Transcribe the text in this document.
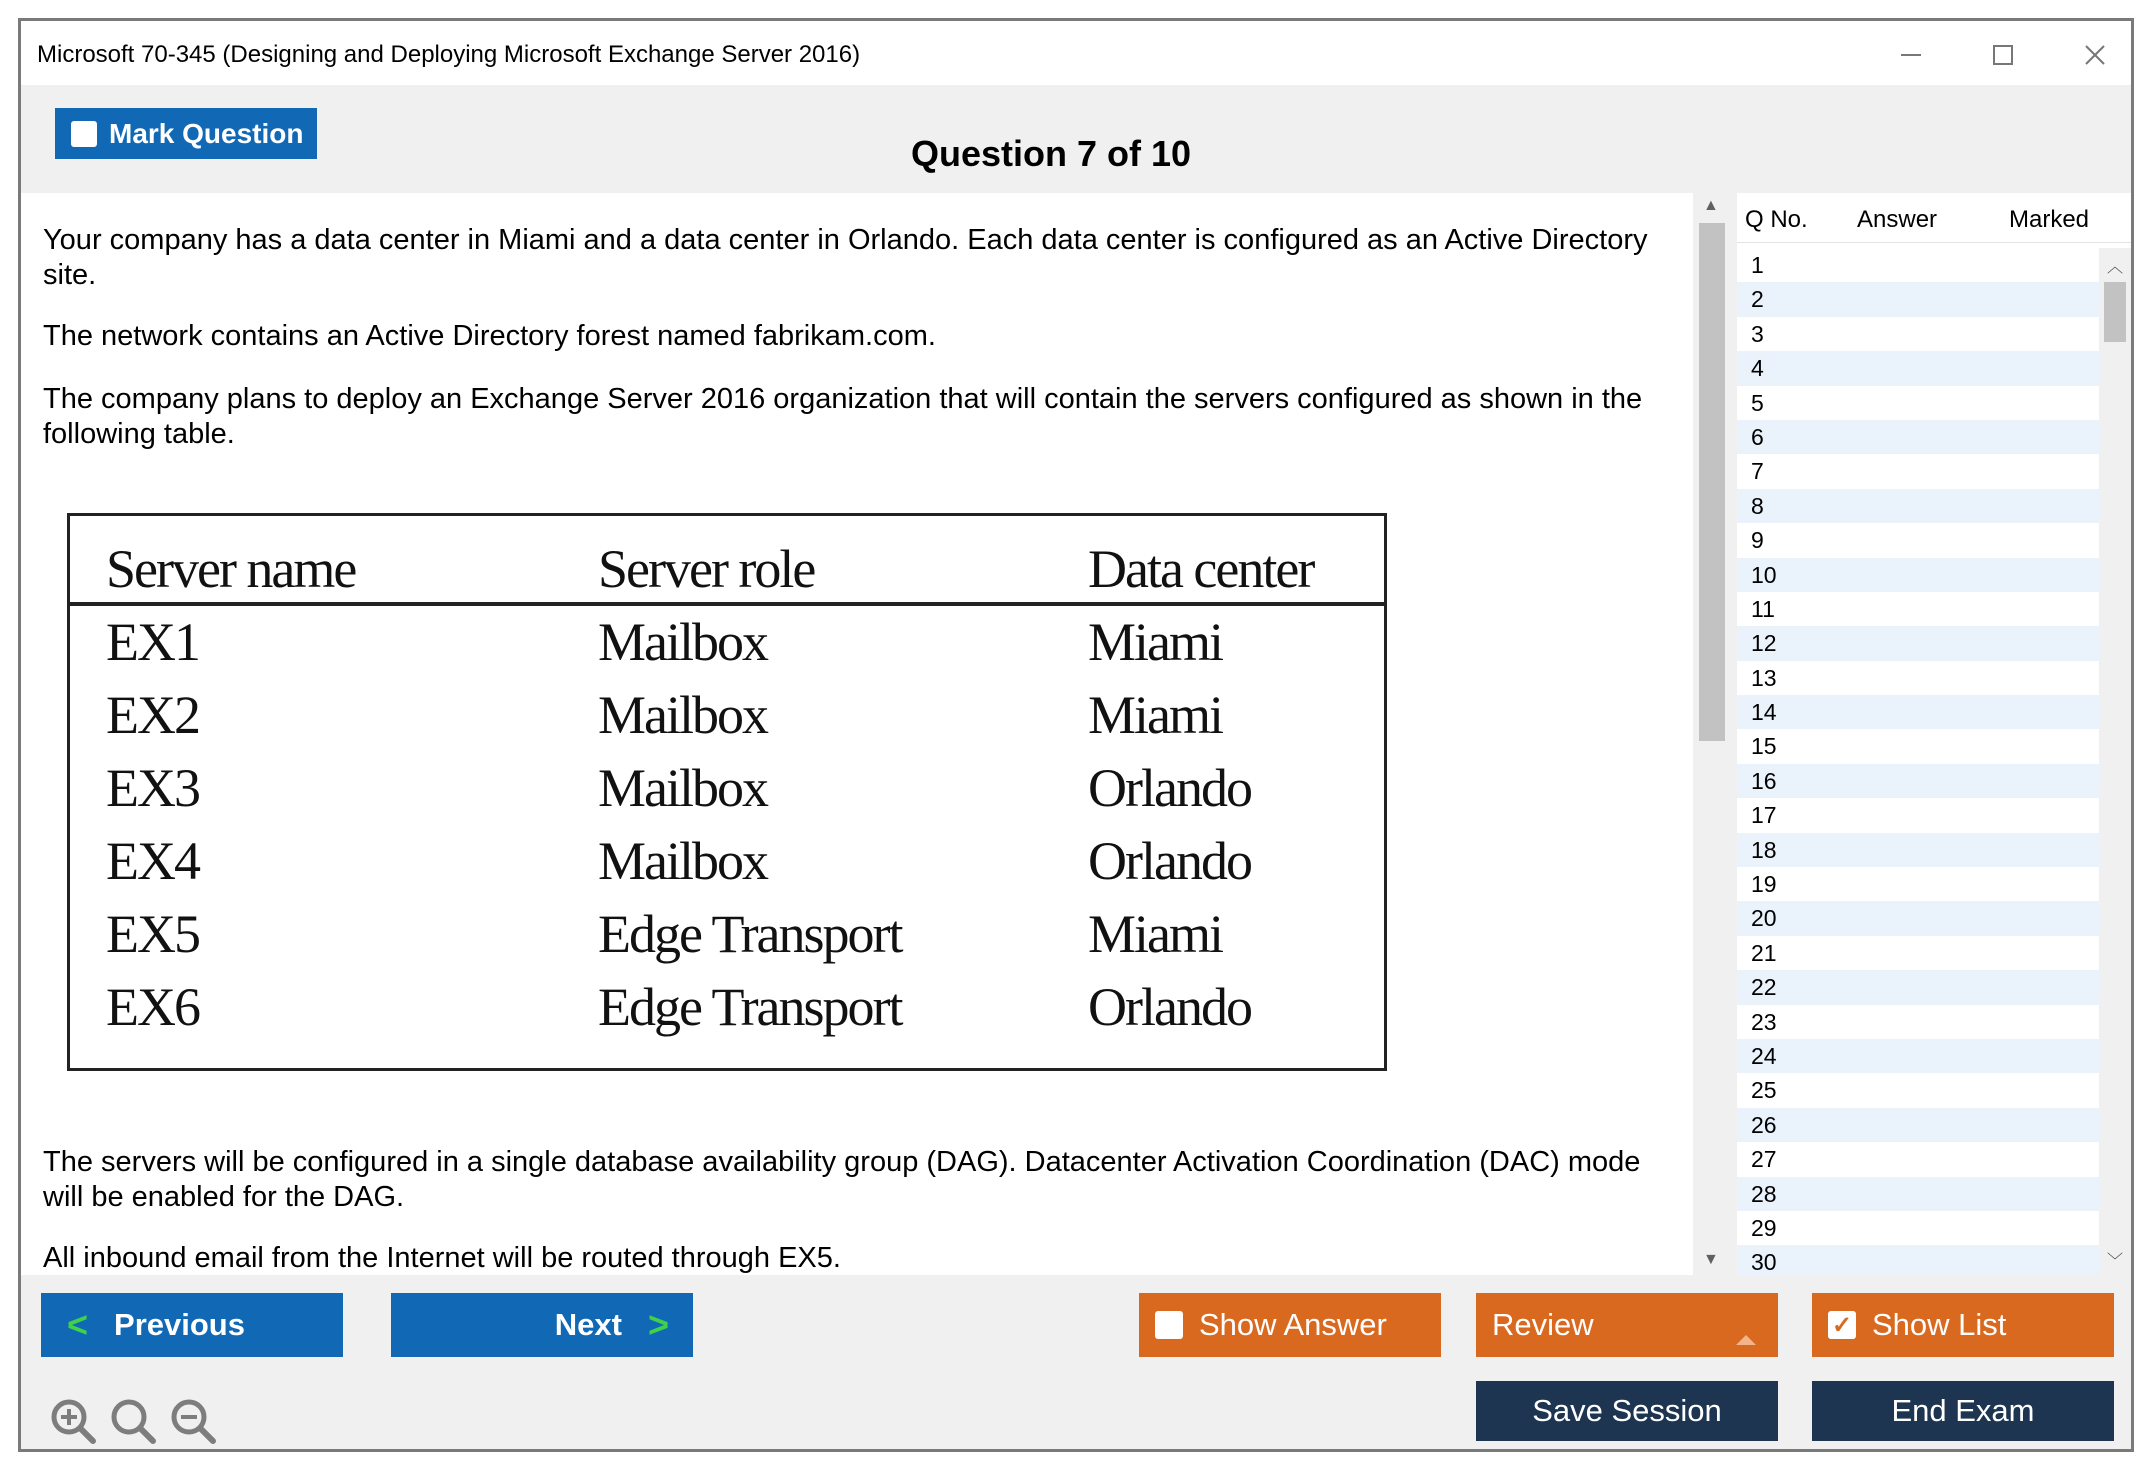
Microsoft 70-345 (Designing and Deploying Microsoft Exchange Server 2016)
Mark Question	Question 7 of 10

Your company has a data center in Miami and a data center in Orlando. Each data center is configured as an Active Directory site.

The network contains an Active Directory forest named fabrikam.com.

The company plans to deploy an Exchange Server 2016 organization that will contain the servers configured as shown in the following table.

Server name	Server role	Data center
EX1	Mailbox	Miami
EX2	Mailbox	Miami
EX3	Mailbox	Orlando
EX4	Mailbox	Orlando
EX5	Edge Transport	Miami
EX6	Edge Transport	Orlando

The servers will be configured in a single database availability group (DAG). Datacenter Activation Coordination (DAC) mode will be enabled for the DAG.

All inbound email from the Internet will be routed through EX5.

▲
▼
Q No. Answer	Marked
1
2
3
4
5
6
7
8
9
10
11
12
13
14
15
16
17
18
19
20
21
22
23
24
25
26
27
28
29
30
︿
﹀
< Previous	Next >	Show Answer	Review	✓ Show List
Save Session	End Exam
